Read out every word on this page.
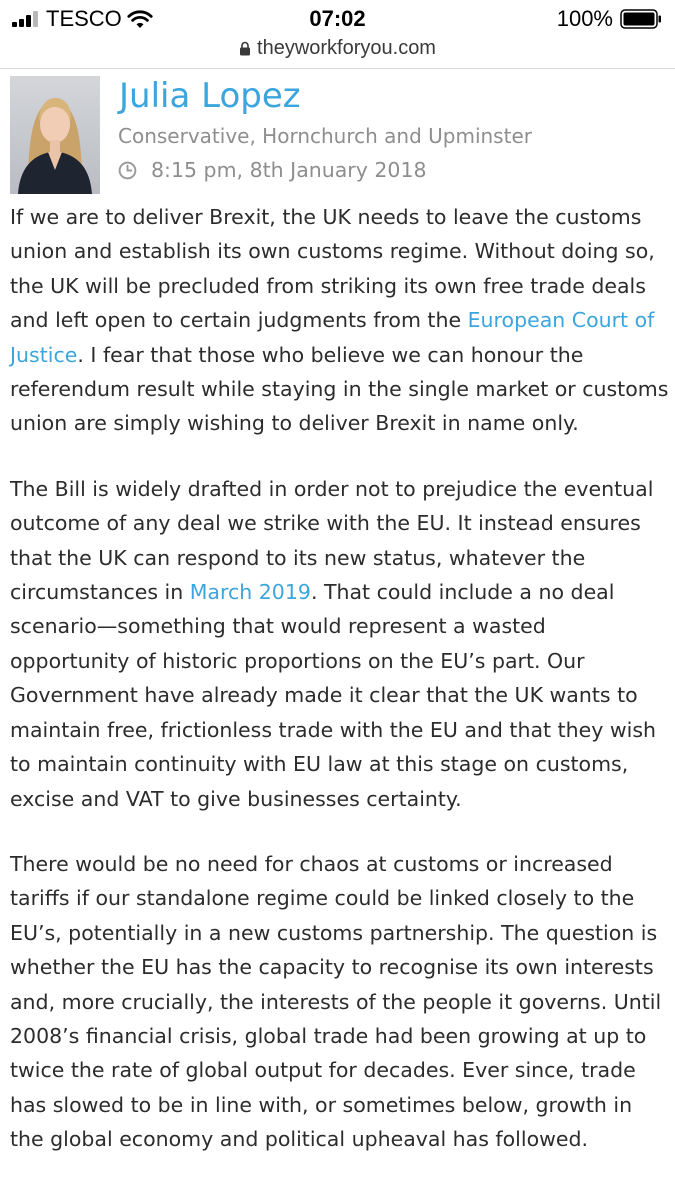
TESCO	07:02	100%
theyworkforyou.com
Julia Lopez
Conservative, Hornchurch and Upminster
8:15 pm, 8th January 2018

If we are to deliver Brexit, the UK needs to leave the customs union and establish its own customs regime. Without doing so, the UK will be precluded from striking its own free trade deals and left open to certain judgments from the European Court of Justice. I fear that those who believe we can honour the referendum result while staying in the single market or customs union are simply wishing to deliver Brexit in name only.

The Bill is widely drafted in order not to prejudice the eventual outcome of any deal we strike with the EU. It instead ensures that the UK can respond to its new status, whatever the circumstances in March 2019. That could include a no deal scenario—something that would represent a wasted opportunity of historic proportions on the EU’s part. Our Government have already made it clear that the UK wants to maintain free, frictionless trade with the EU and that they wish to maintain continuity with EU law at this stage on customs, excise and VAT to give businesses certainty.

There would be no need for chaos at customs or increased tariffs if our standalone regime could be linked closely to the EU’s, potentially in a new customs partnership. The question is whether the EU has the capacity to recognise its own interests and, more crucially, the interests of the people it governs. Until 2008’s financial crisis, global trade had been growing at up to twice the rate of global output for decades. Ever since, trade has slowed to be in line with, or sometimes below, growth in the global economy and political upheaval has followed.
